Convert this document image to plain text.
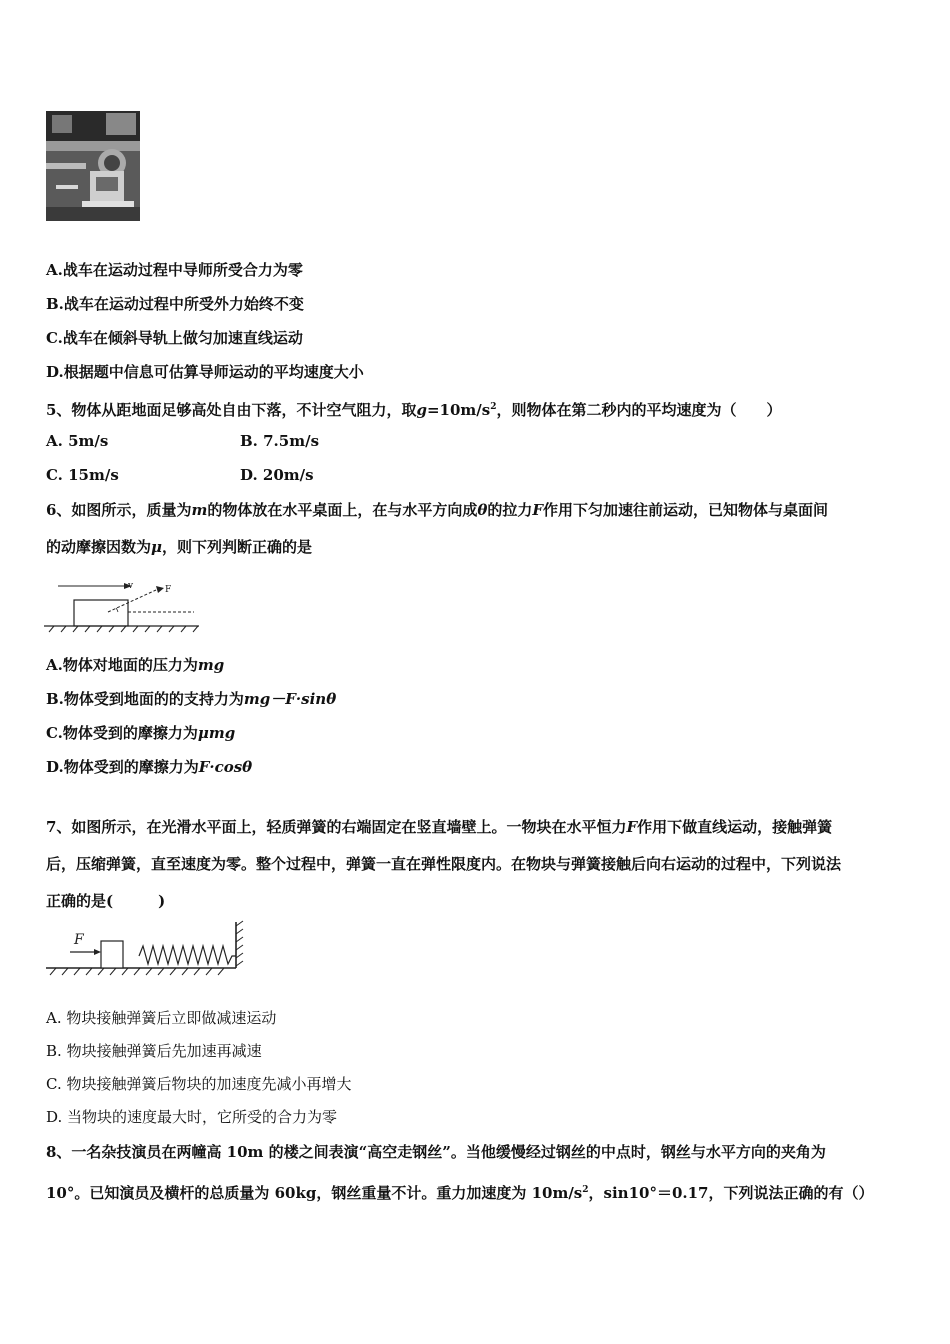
A.战车在运动过程中导师所受合力为零
B.战车在运动过程中所受外力始终不变
C.战车在倾斜导轨上做匀加速直线运动
D.根据题中信息可估算导师运动的平均速度大小
5、物体从距地面足够高处自由下落，不计空气阻力，取$g=10m/s^2$，则物体在第二秒内的平均速度为（　　）
A. 5m/s	B. 7.5m/s
C. 15m/s	D. 20m/s
6、如图所示，质量为m的物体放在水平桌面上，在与水平方向成θ的拉力F作用下匀加速往前运动，已知物体与桌面间
的动摩擦因数为μ，则下列判断正确的是
v	F
A.物体对地面的压力为mg
B.物体受到地面的的支持力为mg－F·sinθ
C.物体受到的摩擦力为μmg
D.物体受到的摩擦力为F·cosθ
7、如图所示，在光滑水平面上，轻质弹簧的右端固定在竖直墙壁上。一物块在水平恒力F作用下做直线运动，接触弹簧
后，压缩弹簧，直至速度为零。整个过程中，弹簧一直在弹性限度内。在物块与弹簧接触后向右运动的过程中，下列说法
正确的是(　　　)
F
A. 物块接触弹簧后立即做减速运动
B. 物块接触弹簧后先加速再减速
C. 物块接触弹簧后物块的加速度先减小再增大
D. 当物块的速度最大时，它所受的合力为零
8、一名杂技演员在两幢高 10m 的楼之间表演“高空走钢丝”。当他缓慢经过钢丝的中点时，钢丝与水平方向的夹角为
10°。已知演员及横杆的总质量为 60kg，钢丝重量不计。重力加速度为 $10m/s^2$，sin10°＝0.17，下列说法正确的有（）
